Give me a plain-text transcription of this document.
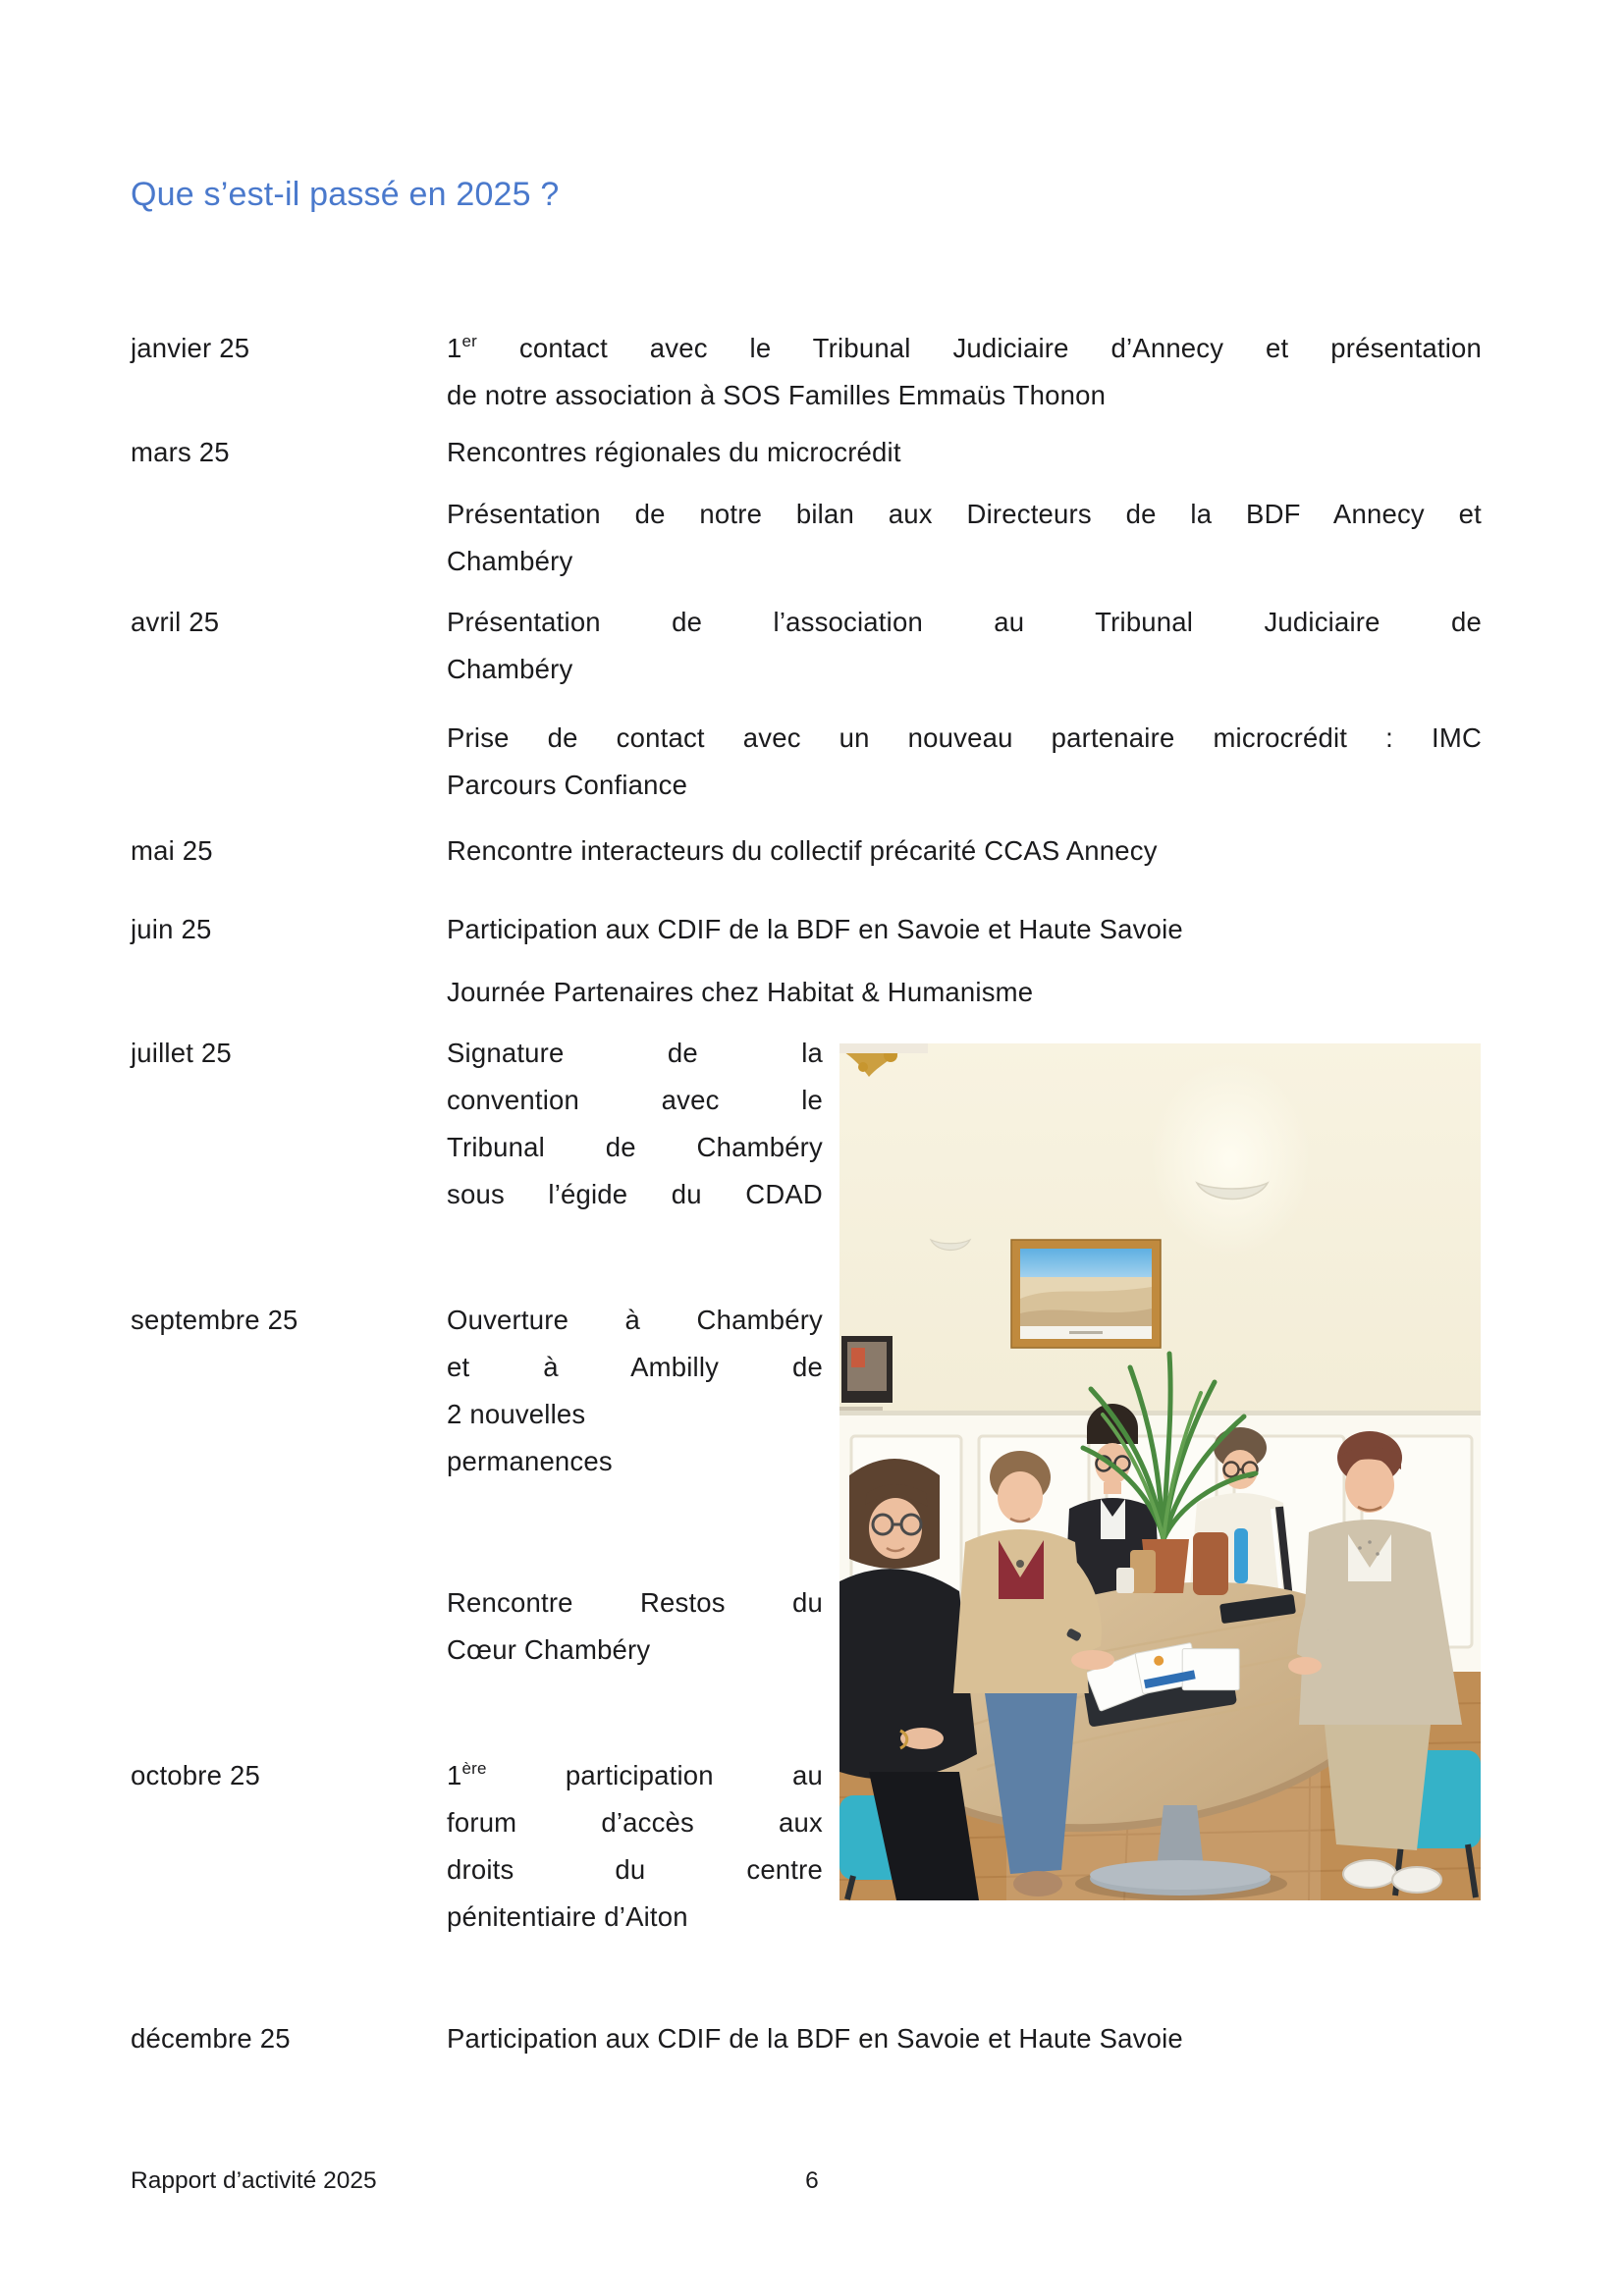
Que s’est-il passé en 2025 ?
janvier 25	1er contact avec le Tribunal Judiciaire d’Annecy et présentation
de notre association à SOS Familles Emmaüs Thonon
mars 25	Rencontres régionales du microcrédit
Présentation de notre bilan aux Directeurs de la BDF Annecy et
Chambéry
avril 25	Présentation de l’association au Tribunal Judiciaire de
Chambéry
Prise de contact avec un nouveau partenaire microcrédit : IMC
Parcours Confiance
mai 25	Rencontre interacteurs du collectif précarité CCAS Annecy
juin 25	Participation aux CDIF de la BDF en Savoie et Haute Savoie
Journée Partenaires chez Habitat & Humanisme
juillet 25	Signature de la
convention avec le
Tribunal de Chambéry
sous l’égide du CDAD
septembre 25	Ouverture à Chambéry
et à Ambilly de
2 nouvelles
permanences
Rencontre Restos du
Cœur Chambéry
octobre 25	1ère participation au
forum d’accès aux
droits du centre
pénitentiaire d’Aiton
décembre 25	Participation aux CDIF de la BDF en Savoie et Haute Savoie
Rapport d’activité 2025	6
